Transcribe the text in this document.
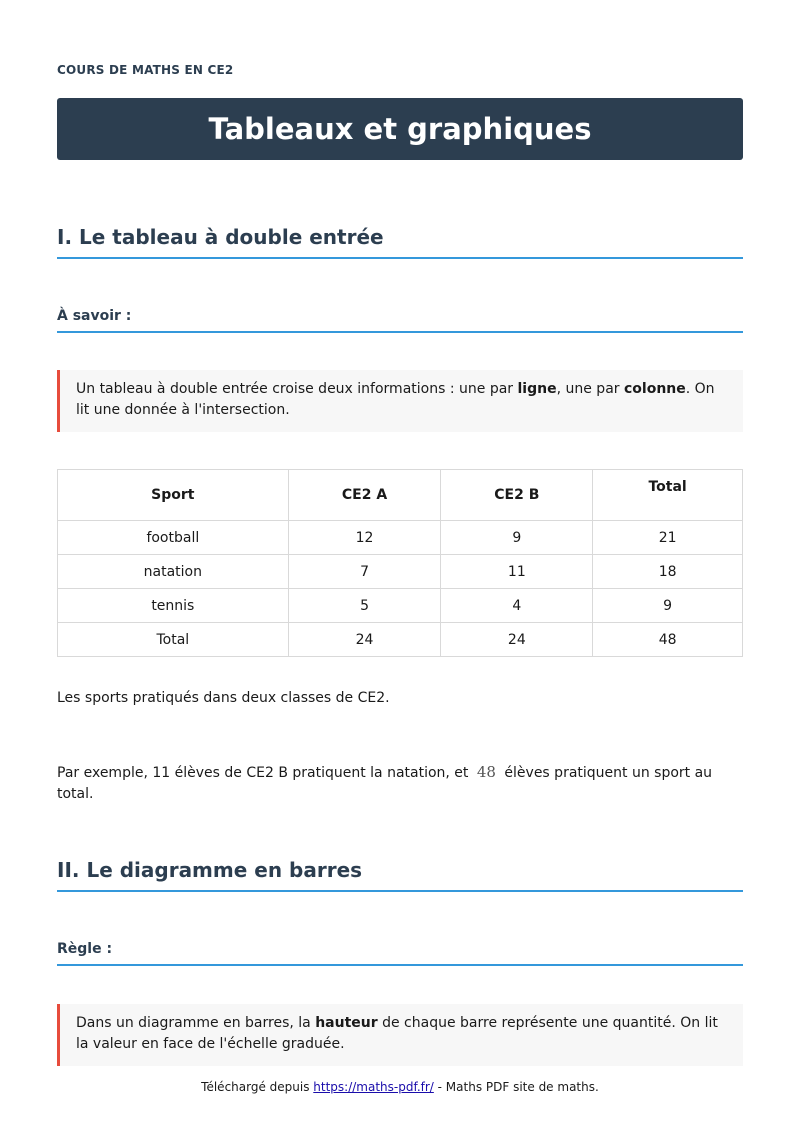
COURS DE MATHS EN CE2
Tableaux et graphiques
I. Le tableau à double entrée
À savoir :
Un tableau à double entrée croise deux informations : une par ligne, une par colonne. On lit une donnée à l'intersection.
Sport	CE2 A	CE2 B	Total
football	12	9	21
natation	7	11	18
tennis	5	4	9
Total	24	24	48

Les sports pratiqués dans deux classes de CE2.

Par exemple, 11 élèves de CE2 B pratiquent la natation, et 48 élèves pratiquent un sport au total.

II. Le diagramme en barres
Règle :
Dans un diagramme en barres, la hauteur de chaque barre représente une quantité. On lit la valeur en face de l'échelle graduée.
Téléchargé depuis https://maths-pdf.fr/ - Maths PDF site de maths.
